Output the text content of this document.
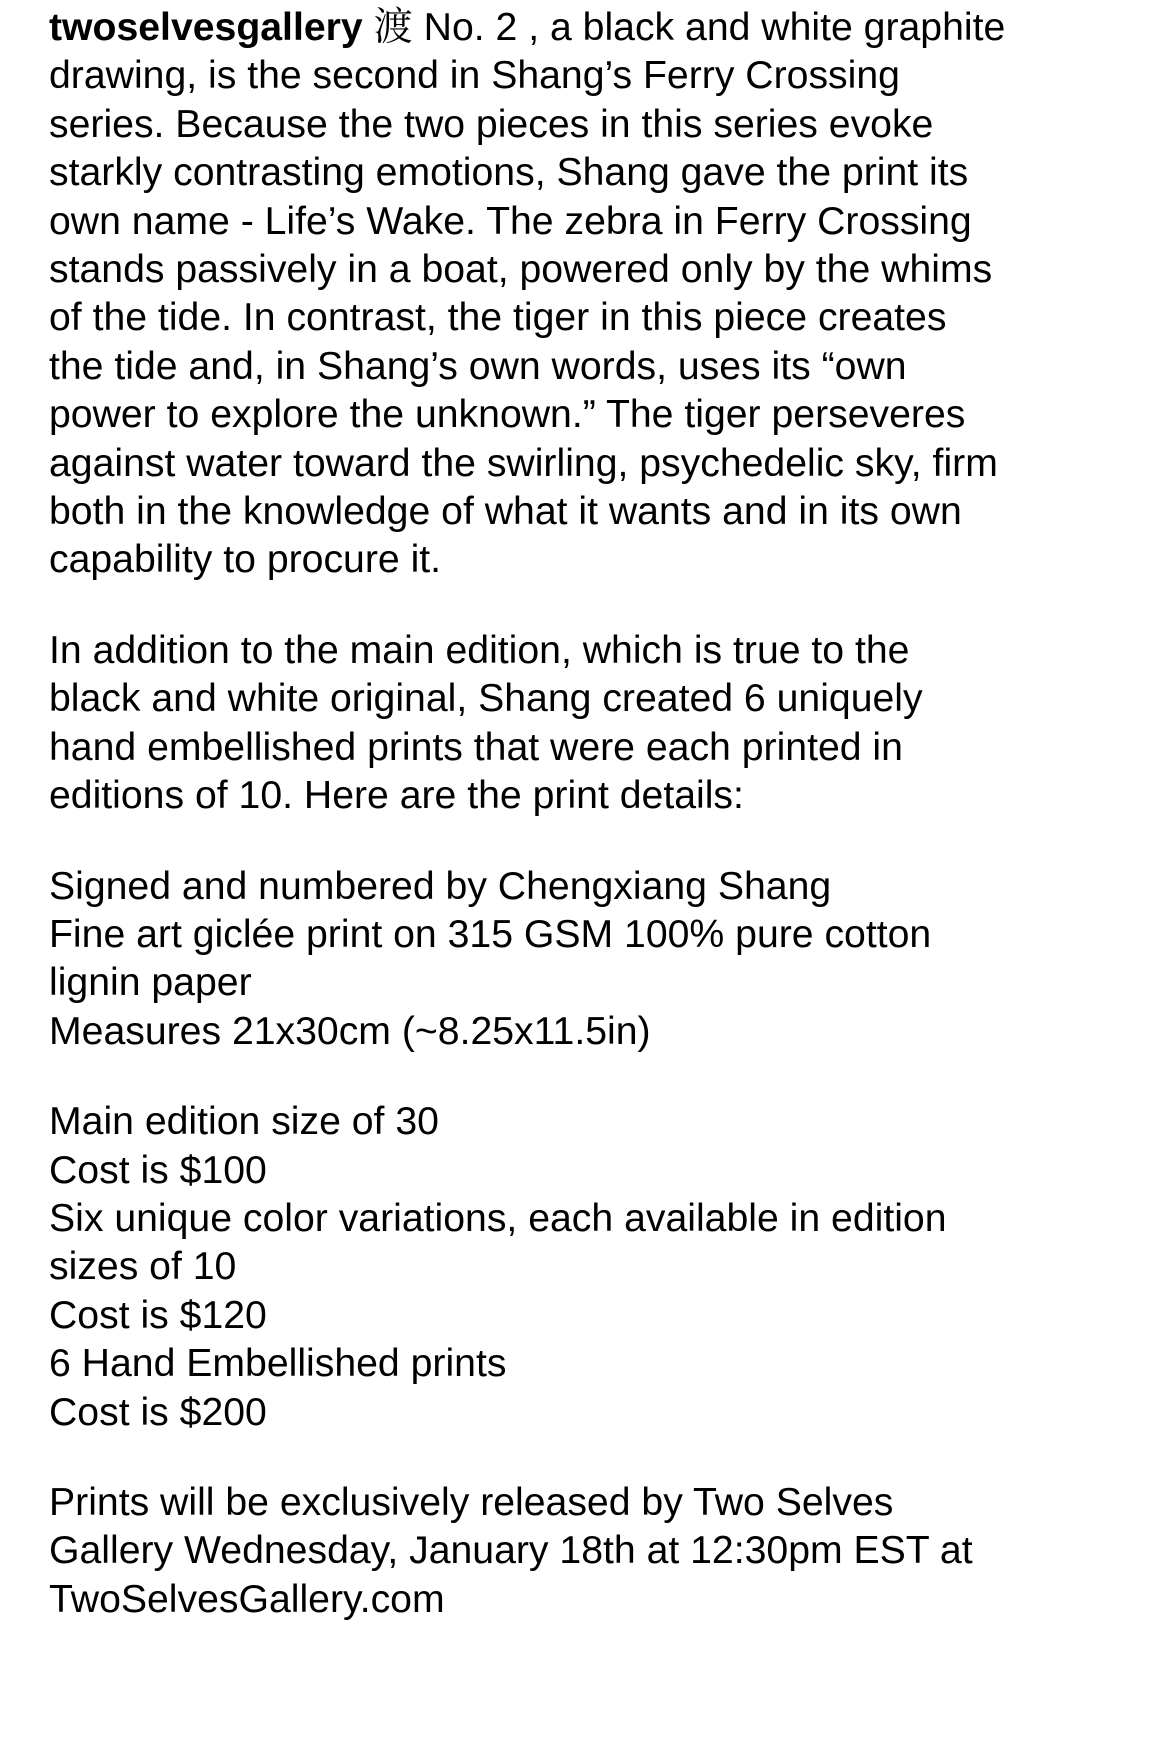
twoselvesgallery 渡 No. 2 , a black and white graphite
drawing, is the second in Shang’s Ferry Crossing
series. Because the two pieces in this series evoke
starkly contrasting emotions, Shang gave the print its
own name - Life’s Wake. The zebra in Ferry Crossing
stands passively in a boat, powered only by the whims
of the tide. In contrast, the tiger in this piece creates
the tide and, in Shang’s own words, uses its “own
power to explore the unknown.” The tiger perseveres
against water toward the swirling, psychedelic sky, firm
both in the knowledge of what it wants and in its own
capability to procure it.

In addition to the main edition, which is true to the
black and white original, Shang created 6 uniquely
hand embellished prints that were each printed in
editions of 10. Here are the print details:

Signed and numbered by Chengxiang Shang
Fine art giclée print on 315 GSM 100% pure cotton
lignin paper
Measures 21x30cm (~8.25x11.5in)

Main edition size of 30
Cost is $100
Six unique color variations, each available in edition
sizes of 10
Cost is $120
6 Hand Embellished prints
Cost is $200

Prints will be exclusively released by Two Selves
Gallery Wednesday, January 18th at 12:30pm EST at
TwoSelvesGallery.com
